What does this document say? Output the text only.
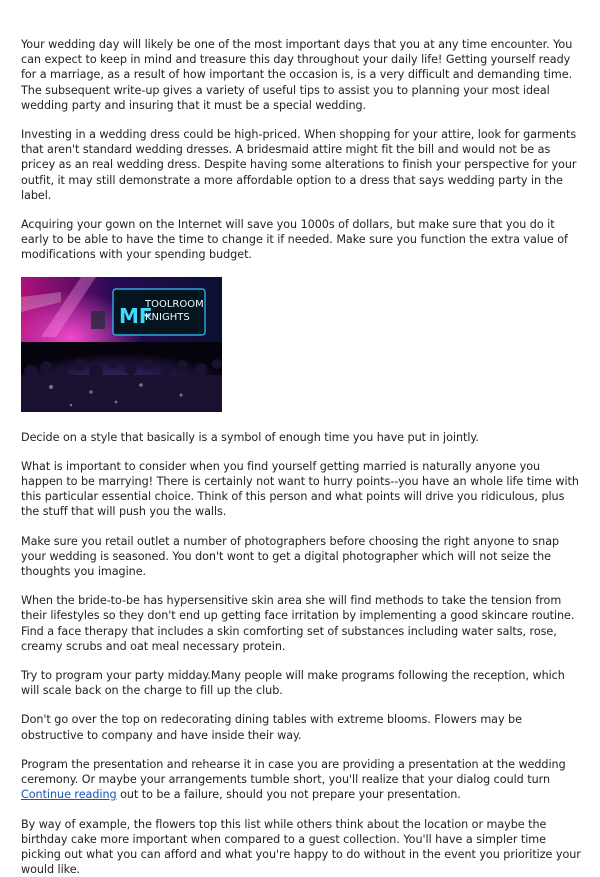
Your wedding day will likely be one of the most important days that you at any time encounter. You can expect to keep in mind and treasure this day throughout your daily life! Getting yourself ready for a marriage, as a result of how important the occasion is, is a very difficult and demanding time. The subsequent write-up gives a variety of useful tips to assist you to planning your most ideal wedding party and insuring that it must be a special wedding.

Investing in a wedding dress could be high-priced. When shopping for your attire, look for garments that aren't standard wedding dresses. A bridesmaid attire might fit the bill and would not be as pricey as an real wedding dress. Despite having some alterations to finish your perspective for your outfit, it may still demonstrate a more affordable option to a dress that says wedding party in the label.

Acquiring your gown on the Internet will save you 1000s of dollars, but make sure that you do it early to be able to have the time to change it if needed. Make sure you function the extra value of modifications with your spending budget.

MF
TOOLROOM
KNIGHTS

Decide on a style that basically is a symbol of enough time you have put in jointly.

What is important to consider when you find yourself getting married is naturally anyone you happen to be marrying! There is certainly not want to hurry points--you have an whole life time with this particular essential choice. Think of this person and what points will drive you ridiculous, plus the stuff that will push you the walls.

Make sure you retail outlet a number of photographers before choosing the right anyone to snap your wedding is seasoned. You don't wont to get a digital photographer which will not seize the thoughts you imagine.

When the bride-to-be has hypersensitive skin area she will find methods to take the tension from their lifestyles so they don't end up getting face irritation by implementing a good skincare routine. Find a face therapy that includes a skin comforting set of substances including water salts, rose, creamy scrubs and oat meal necessary protein.

Try to program your party midday.Many people will make programs following the reception, which will scale back on the charge to fill up the club.

Don't go over the top on redecorating dining tables with extreme blooms. Flowers may be obstructive to company and have inside their way.

Program the presentation and rehearse it in case you are providing a presentation at the wedding ceremony. Or maybe your arrangements tumble short, you'll realize that your dialog could turn Continue reading out to be a failure, should you not prepare your presentation.

By way of example, the flowers top this list while others think about the location or maybe the birthday cake more important when compared to a guest collection. You'll have a simpler time picking out what you can afford and what you're happy to do without in the event you prioritize your would like.
